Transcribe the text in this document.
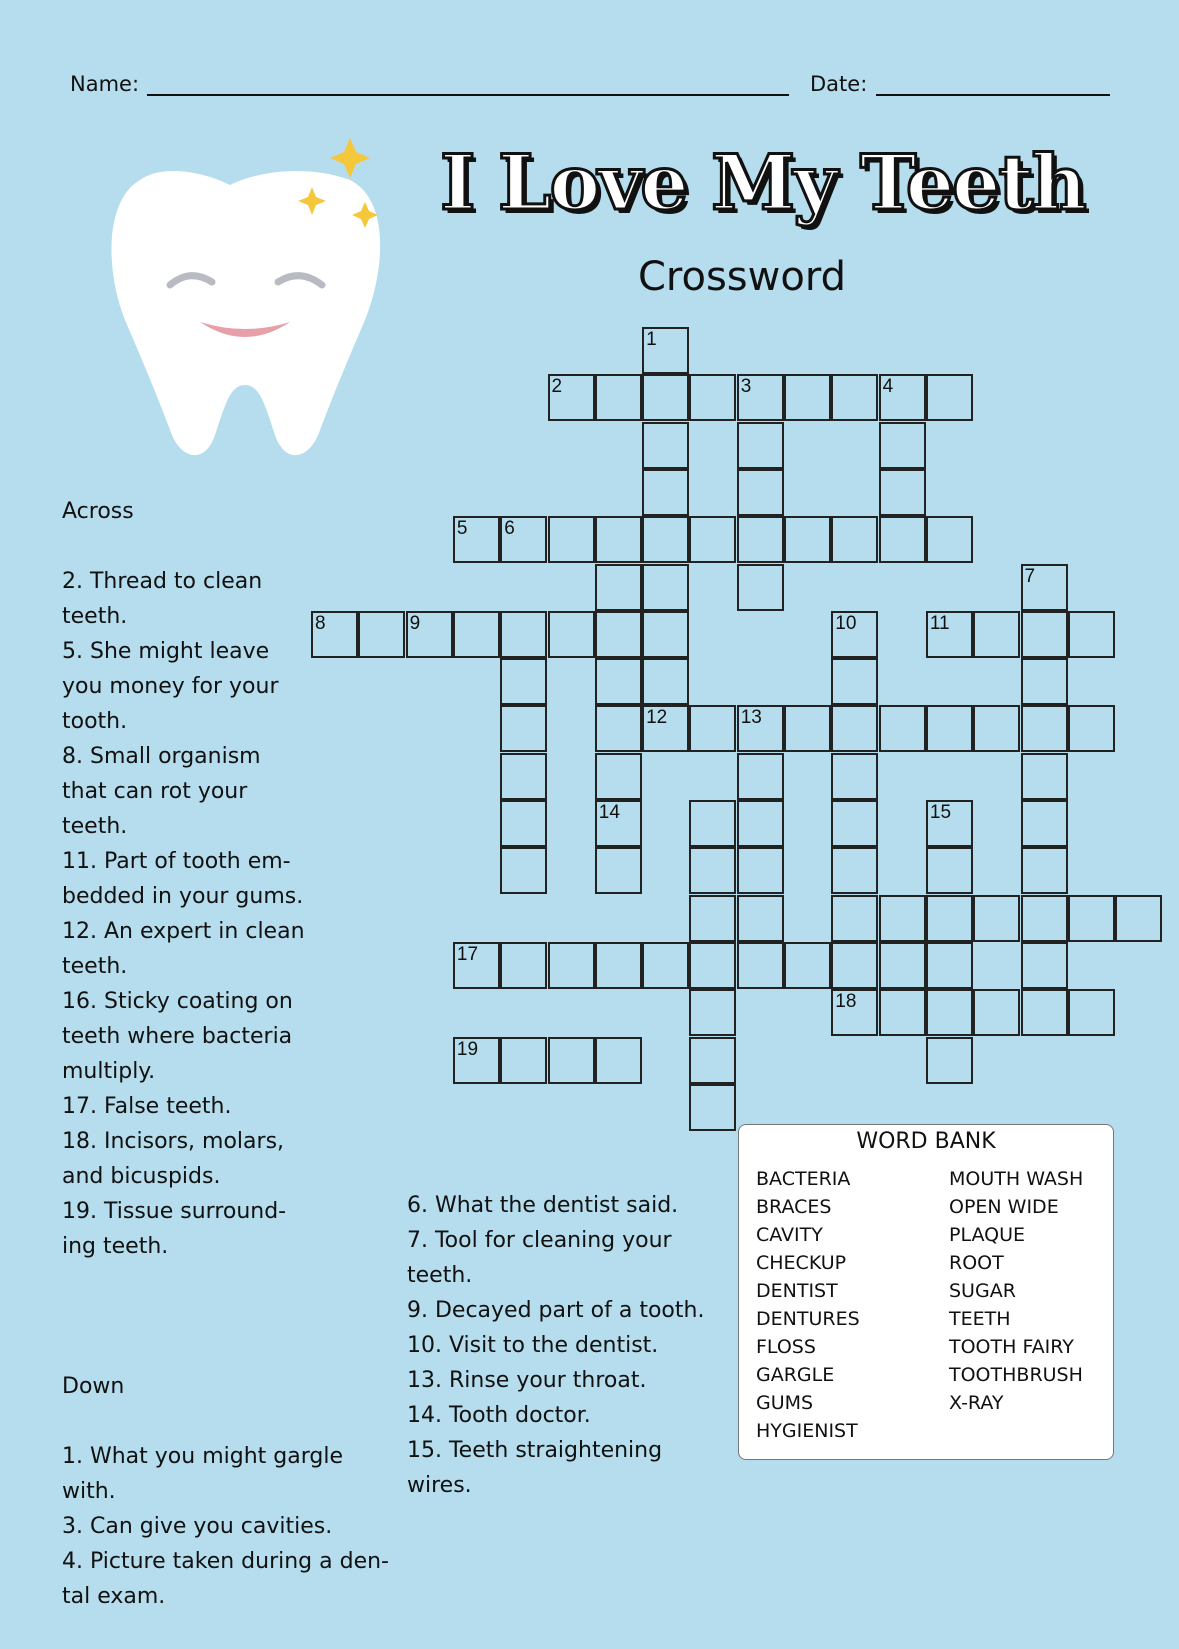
Name:	Date:
I Love My Teeth
Crossword
2	3	4
5 6
8	9	11
12	13
17
18
19
1
14
7
10
15

Across

2. Thread to clean
teeth.
5. She might leave
you money for your
tooth.
8. Small organism
that can rot your
teeth.
11. Part of tooth em-
bedded in your gums.
12. An expert in clean
teeth.
16. Sticky coating on
teeth where bacteria
multiply.
17. False teeth.
18. Incisors, molars,
and bicuspids.
19. Tissue surround-
ing teeth.

Down

1. What you might gargle
with.
3. Can give you cavities.
4. Picture taken during a den-
tal exam.

6. What the dentist said.
7. Tool for cleaning your
teeth.
9. Decayed part of a tooth.
10. Visit to the dentist.
13. Rinse your throat.
14. Tooth doctor.
15. Teeth straightening
wires.

WORD BANK
BACTERIA
BRACES
CAVITY
CHECKUP
DENTIST
DENTURES
FLOSS
GARGLE
GUMS
HYGIENIST
MOUTH WASH
OPEN WIDE
PLAQUE
ROOT
SUGAR
TEETH
TOOTH FAIRY
TOOTHBRUSH
X-RAY
